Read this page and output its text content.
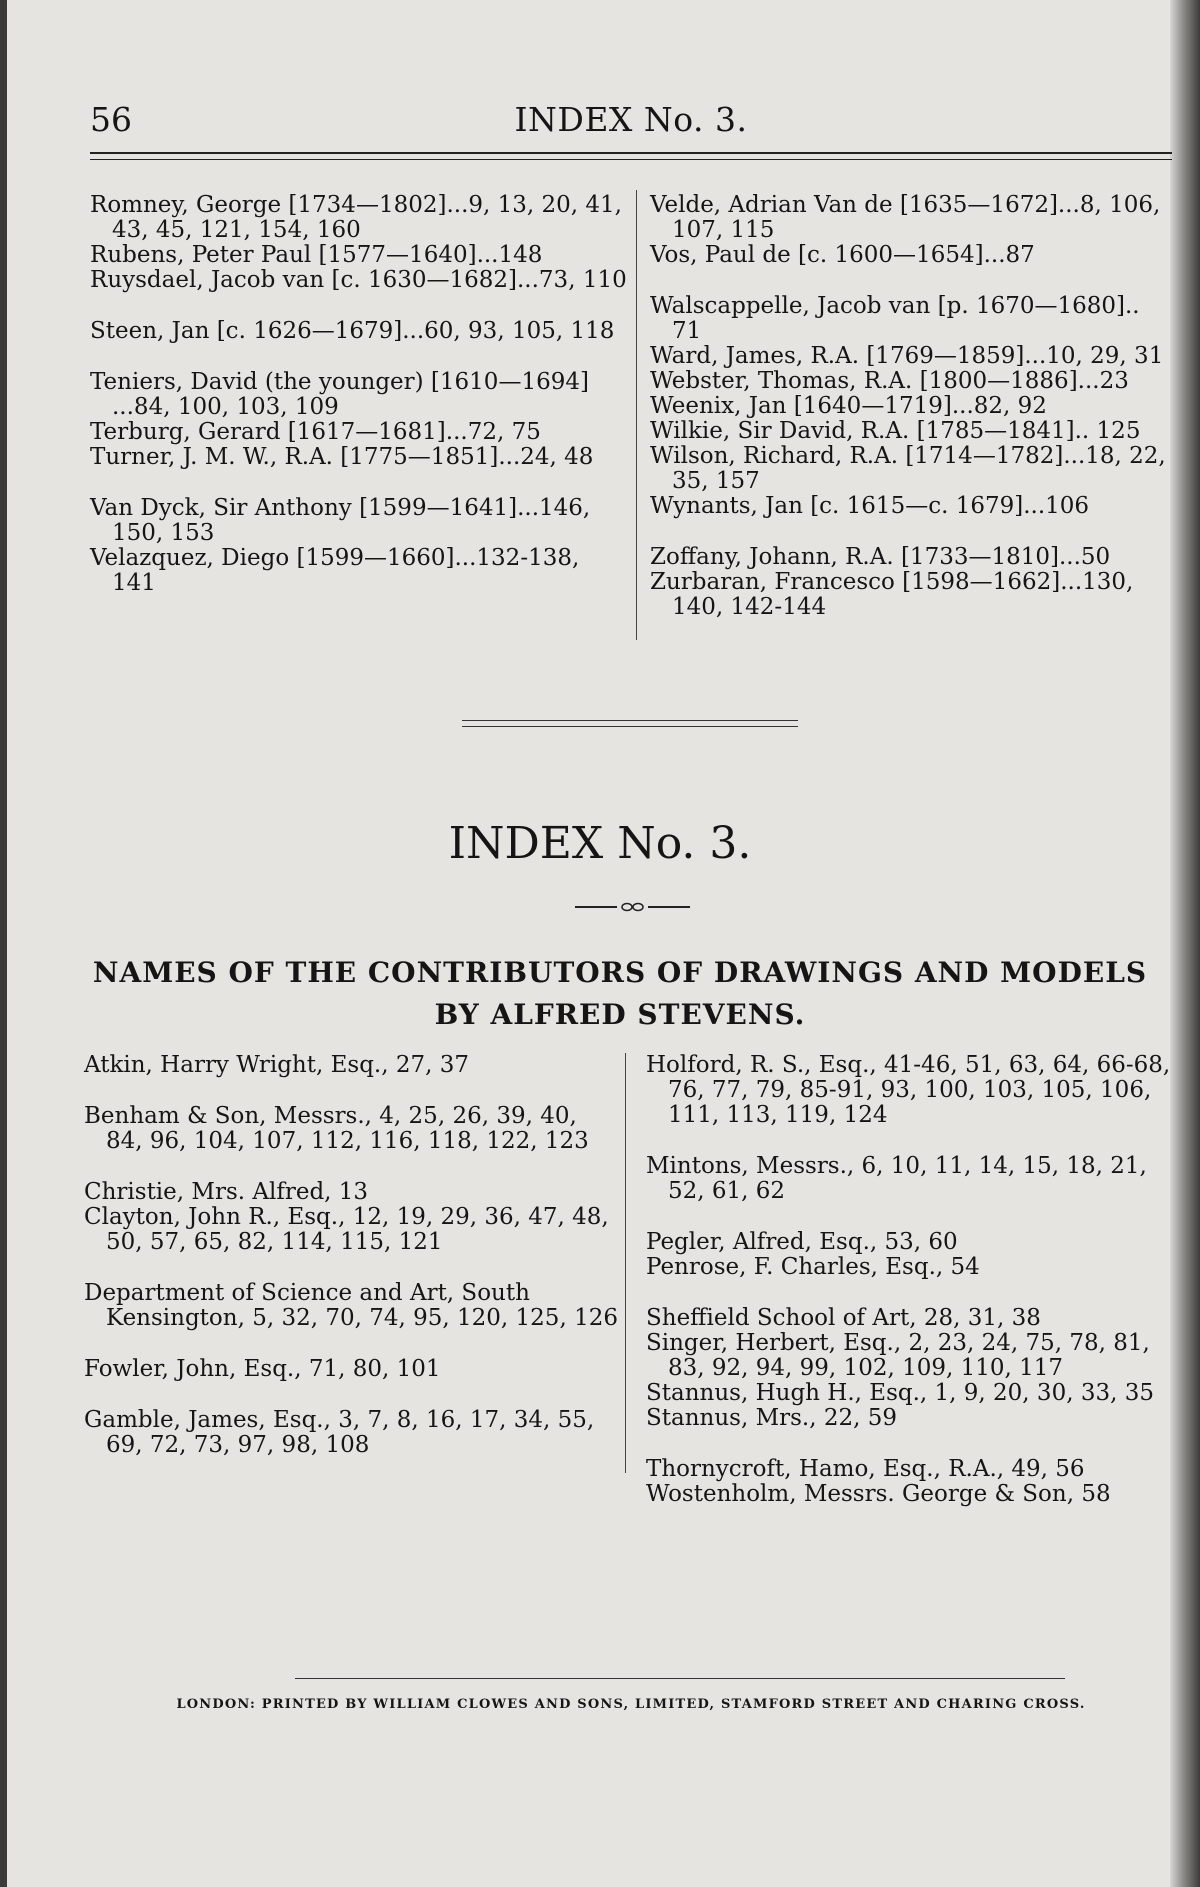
56	INDEX No. 3.

Romney, George [1734—1802]...9, 13, 20, 41, 43, 45, 121, 154, 160

Rubens, Peter Paul [1577—1640]...148

Ruysdael, Jacob van [c. 1630—1682]...73, 110

Steen, Jan [c. 1626—1679]...60, 93, 105, 118

Teniers, David (the younger) [1610—1694] ...84, 100, 103, 109

Terburg, Gerard [1617—1681]...72, 75

Turner, J. M. W., R.A. [1775—1851]...24, 48

Van Dyck, Sir Anthony [1599—1641]...146, 150, 153

Velazquez, Diego [1599—1660]...132-138, 141

Velde, Adrian Van de [1635—1672]...8, 106, 107, 115

Vos, Paul de [c. 1600—1654]...87

Walscappelle, Jacob van [p. 1670—1680].. 71

Ward, James, R.A. [1769—1859]...10, 29, 31

Webster, Thomas, R.A. [1800—1886]...23

Weenix, Jan [1640—1719]...82, 92

Wilkie, Sir David, R.A. [1785—1841].. 125

Wilson, Richard, R.A. [1714—1782]...18, 22, 35, 157

Wynants, Jan [c. 1615—c. 1679]...106

Zoffany, Johann, R.A. [1733—1810]...50

Zurbaran, Francesco [1598—1662]...130, 140, 142-144

INDEX No. 3.
NAMES OF THE CONTRIBUTORS OF DRAWINGS AND MODELS
BY ALFRED STEVENS.

Atkin, Harry Wright, Esq., 27, 37

Benham & Son, Messrs., 4, 25, 26, 39, 40, 84, 96, 104, 107, 112, 116, 118, 122, 123

Christie, Mrs. Alfred, 13

Clayton, John R., Esq., 12, 19, 29, 36, 47, 48, 50, 57, 65, 82, 114, 115, 121

Department of Science and Art, South Kensington, 5, 32, 70, 74, 95, 120, 125, 126

Fowler, John, Esq., 71, 80, 101

Gamble, James, Esq., 3, 7, 8, 16, 17, 34, 55, 69, 72, 73, 97, 98, 108

Holford, R. S., Esq., 41-46, 51, 63, 64, 66-68, 76, 77, 79, 85-91, 93, 100, 103, 105, 106, 111, 113, 119, 124

Mintons, Messrs., 6, 10, 11, 14, 15, 18, 21, 52, 61, 62

Pegler, Alfred, Esq., 53, 60

Penrose, F. Charles, Esq., 54

Sheffield School of Art, 28, 31, 38

Singer, Herbert, Esq., 2, 23, 24, 75, 78, 81, 83, 92, 94, 99, 102, 109, 110, 117

Stannus, Hugh H., Esq., 1, 9, 20, 30, 33, 35

Stannus, Mrs., 22, 59

Thornycroft, Hamo, Esq., R.A., 49, 56

Wostenholm, Messrs. George & Son, 58

LONDON: PRINTED BY WILLIAM CLOWES AND SONS, LIMITED, STAMFORD STREET AND CHARING CROSS.
